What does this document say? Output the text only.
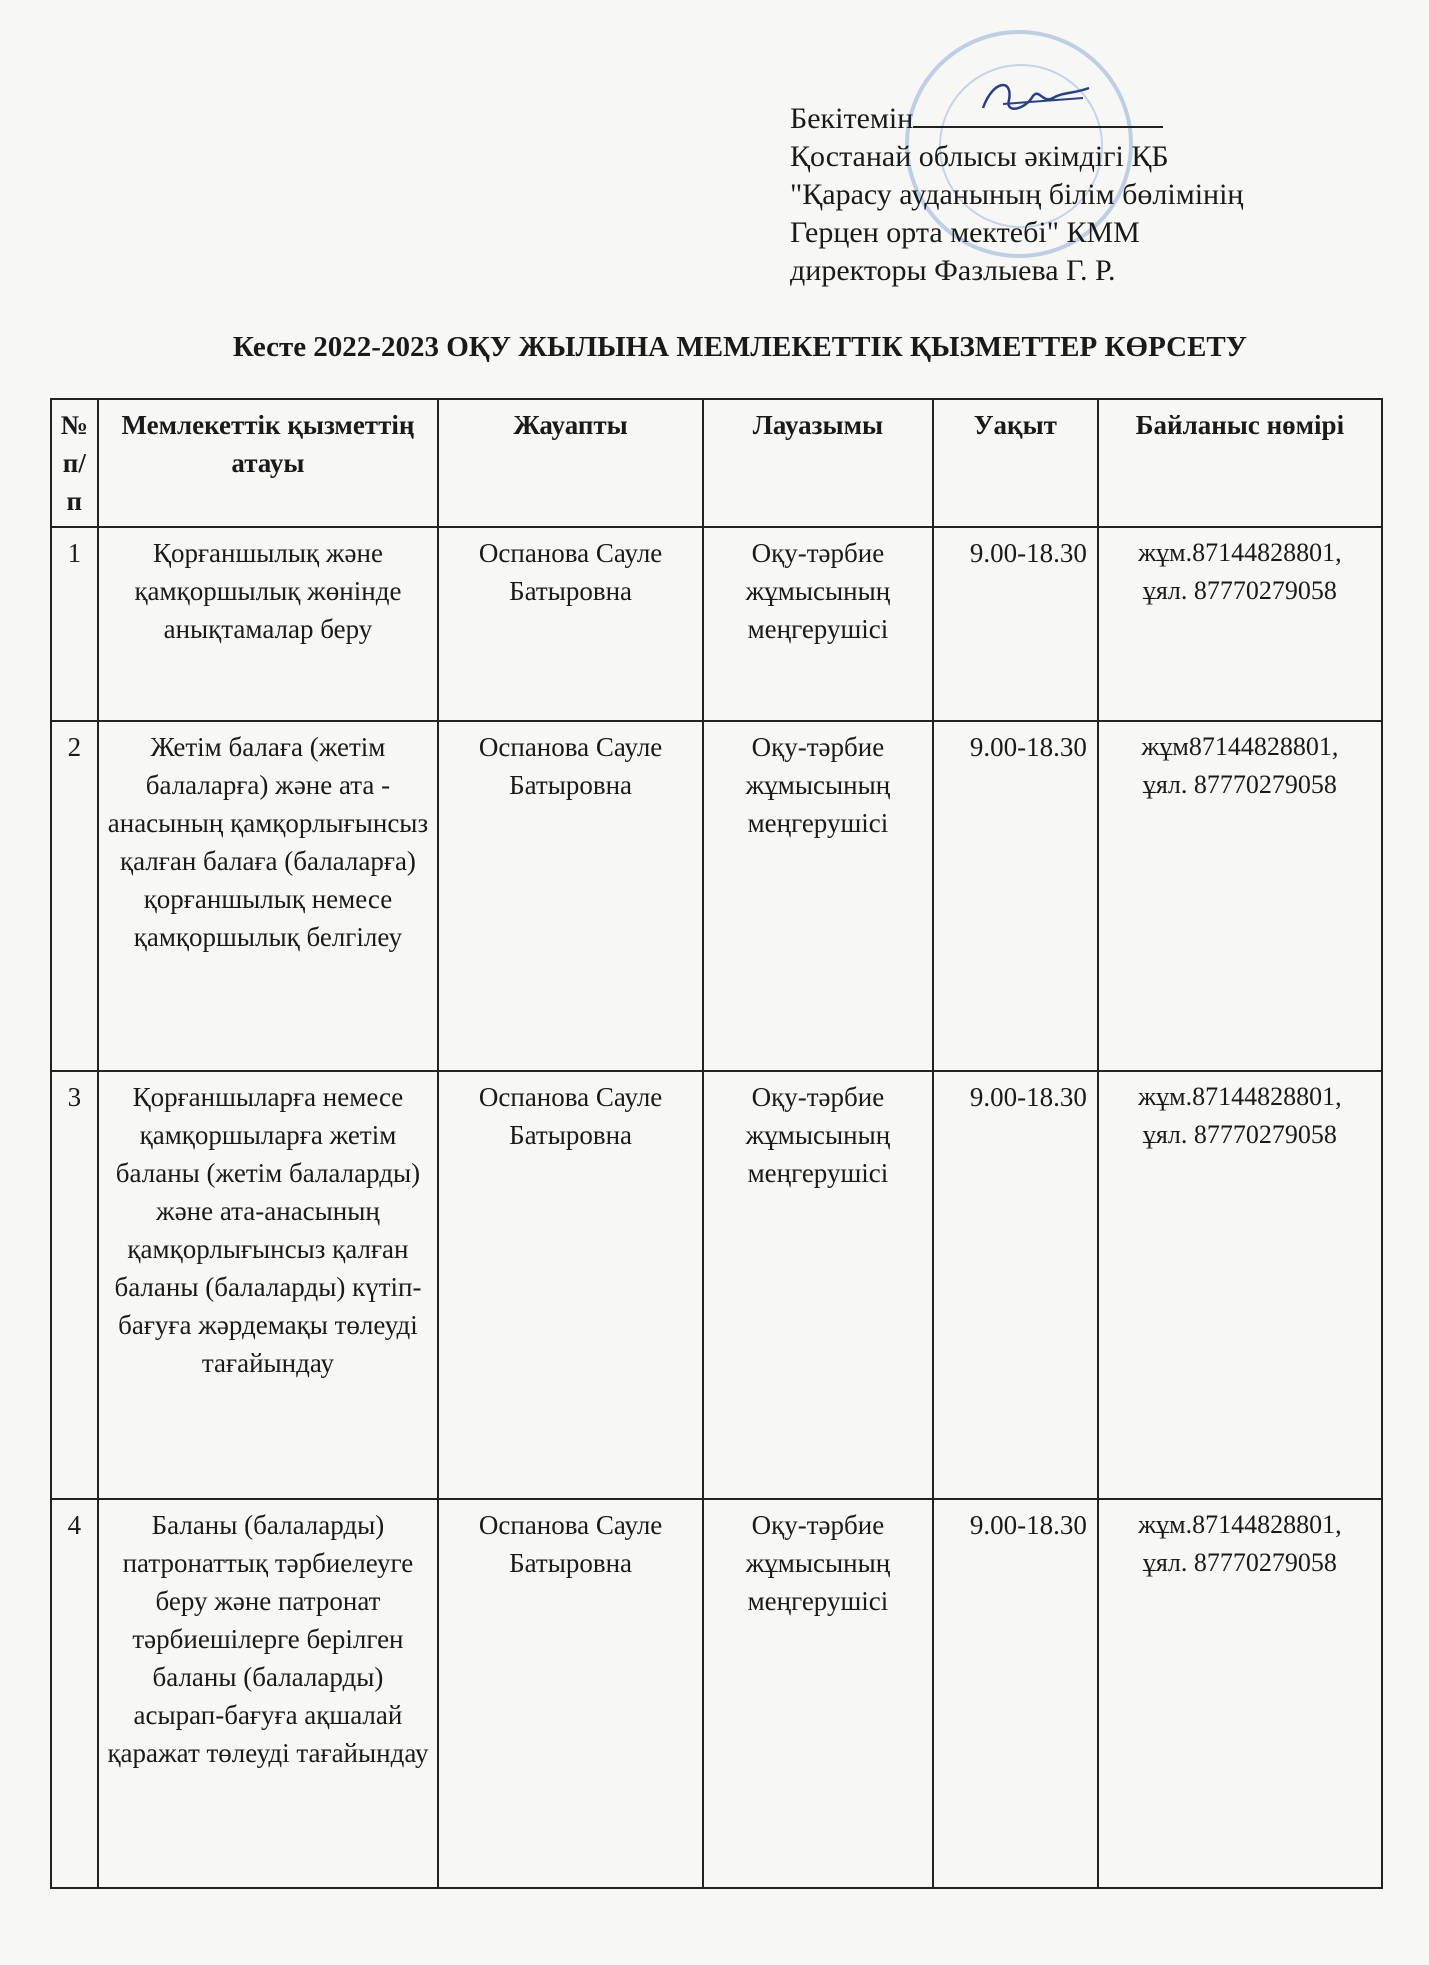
Бекітемін
Қостанай облысы әкімдігі ҚБ
"Қарасу ауданының білім бөлімінің
Герцен орта мектебі" КММ
директоры Фазлыева Г. Р.
Кесте 2022-2023 ОҚУ ЖЫЛЫНА МЕМЛЕКЕТТІК ҚЫЗМЕТТЕР КӨРСЕТУ
№ п/п	Мемлекеттік қызметтің атауы	Жауапты	Лауазымы	Уақыт	Байланыс нөмірі
1	Қорғаншылық және қамқоршылық жөнінде анықтамалар беру	Оспанова Сауле Батыровна	Оқу-тәрбие жұмысының меңгерушісі	9.00-18.30	жұм.87144828801,
ұял. 87770279058

2	Жетім балаға (жетім балаларға) және ата - анасының қамқорлығынсыз қалған балаға (балаларға) қорғаншылық немесе қамқоршылық белгілеу	Оспанова Сауле Батыровна	Оқу-тәрбие жұмысының меңгерушісі	9.00-18.30	жұм87144828801,
ұял. 87770279058

3	Қорғаншыларға немесе қамқоршыларға жетім баланы (жетім балаларды) және ата-анасының қамқорлығынсыз қалған баланы (балаларды) күтіп-бағуға жәрдемақы төлеуді тағайындау	Оспанова Сауле Батыровна	Оқу-тәрбие жұмысының меңгерушісі	9.00-18.30	жұм.87144828801,
ұял. 87770279058

4	Баланы (балаларды) патронаттық тәрбиелеуге беру және патронат тәрбиешілерге берілген баланы (балаларды) асырап-бағуға ақшалай қаражат төлеуді тағайындау	Оспанова Сауле Батыровна	Оқу-тәрбие жұмысының меңгерушісі	9.00-18.30	жұм.87144828801,
ұял. 87770279058
